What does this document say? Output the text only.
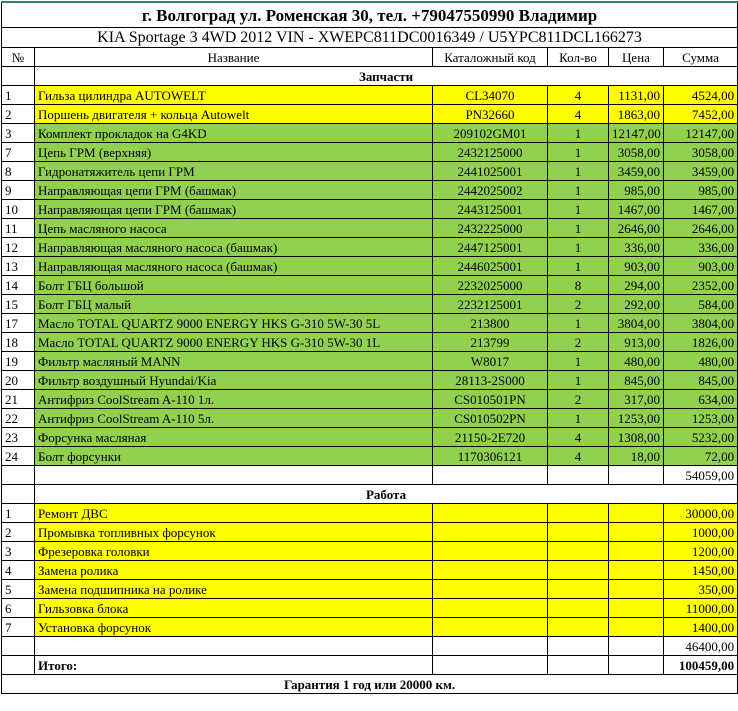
г. Волгоград ул. Роменская 30, тел. +79047550990 Владимир					
KIA Sportage 3 4WD 2012 VIN - XWEPC811DC0016349 / U5YPC811DCL166273					
№	Название	Каталожный код	Кол-во	Цена	Сумма
	Запчасти				
1	Гильза цилиндра AUTOWELT	CL34070	4	1131,00	4524,00
2	Поршень двигателя + кольца Autowelt	PN32660	4	1863,00	7452,00
3	Комплект прокладок на G4KD	209102GM01	1	12147,00	12147,00
7	Цепь ГРМ (верхняя)	2432125000	1	3058,00	3058,00
8	Гидронатяжитель цепи ГРМ	2441025001	1	3459,00	3459,00
9	Направляющая цепи ГРМ (башмак)	2442025002	1	985,00	985,00
10	Направляющая цепи ГРМ (башмак)	2443125001	1	1467,00	1467,00
11	Цепь масляного насоса	2432225000	1	2646,00	2646,00
12	Направляющая масляного насоса (башмак)	2447125001	1	336,00	336,00
13	Направляющая масляного насоса (башмак)	2446025001	1	903,00	903,00
14	Болт ГБЦ большой	2232025000	8	294,00	2352,00
15	Болт ГБЦ малый	2232125001	2	292,00	584,00
17	Масло TOTAL QUARTZ 9000 ENERGY HKS G-310 5W-30 5L	213800	1	3804,00	3804,00
18	Масло TOTAL QUARTZ 9000 ENERGY HKS G-310 5W-30 1L	213799	2	913,00	1826,00
19	Фильтр масляный MANN	W8017	1	480,00	480,00
20	Фильтр воздушный Hyundai/Kia	28113-2S000	1	845,00	845,00
21	Антифриз CoolStream A-110 1л.	CS010501PN	2	317,00	634,00
22	Антифриз CoolStream A-110 5л.	CS010502PN	1	1253,00	1253,00
23	Форсунка масляная	21150-2E720	4	1308,00	5232,00
24	Болт форсунки	1170306121	4	18,00	72,00
					54059,00
	Работа				
1	Ремонт ДВС				30000,00
2	Промывка топливных форсунок				1000,00
3	Фрезеровка головки				1200,00
4	Замена ролика				1450,00
5	Замена подшипника на ролике				350,00
6	Гильзовка блока				11000,00
7	Установка форсунок				1400,00
					46400,00
	Итого:				100459,00
Гарантия 1 год или 20000 км.					
